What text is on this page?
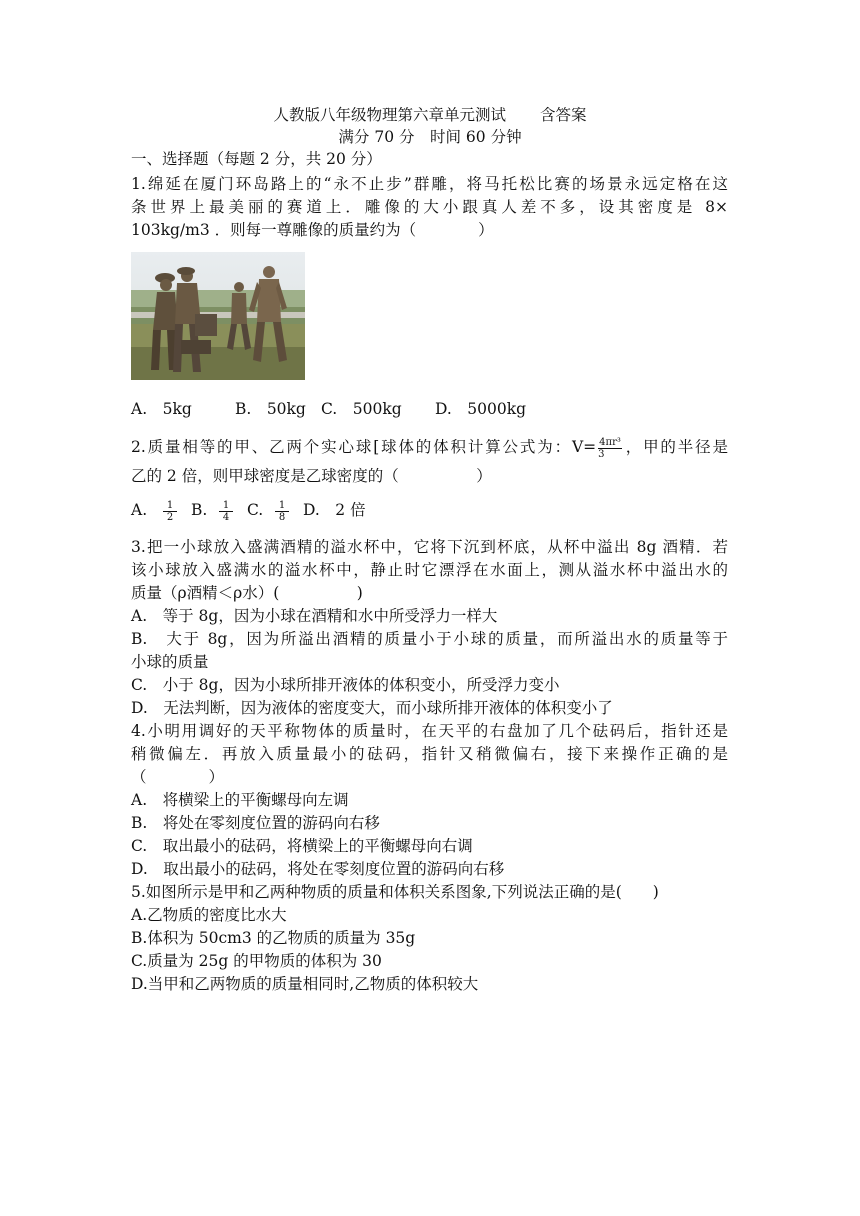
人教版八年级物理第六章单元测试 含答案
满分 70 分　时间 60 分钟
一、选择题（每题 2 分，共 20 分）
1.绵延在厦门环岛路上的“永不止步”群雕，将马托松比赛的场景永远定格在这
条世界上最美丽的赛道上．雕像的大小跟真人差不多，设其密度是 8×
103kg/m3 ．则每一尊雕像的质量约为（　　　　）
A.　5kg	B.　50kg C.　500kg D.　5000kg
2.质量相等的甲、乙两个实心球[球体的体积计算公式为：$V= \frac{\text{4πr³}}{3}$ ，甲的半径是
乙的 2 倍，则甲球密度是乙球密度的（　　　　　）
A. $\frac{1}{2} B$. $\frac{1}{4} C$. $\frac{1}{8} D$.　2 倍
3.把一小球放入盛满酒精的溢水杯中，它将下沉到杯底，从杯中溢出 8g 酒精．若
该小球放入盛满水的溢水杯中，静止时它漂浮在水面上，测从溢水杯中溢出水的
质量（ρ酒精＜ρ水）(　　　　　)
A.　等于 8g，因为小球在酒精和水中所受浮力一样大
B.　大于 8g，因为所溢出酒精的质量小于小球的质量，而所溢出水的质量等于
小球的质量
C.　小于 8g，因为小球所排开液体的体积变小，所受浮力变小
D.　无法判断，因为液体的密度变大，而小球所排开液体的体积变小了
4.小明用调好的天平称物体的质量时，在天平的右盘加了几个砝码后，指针还是
稍微偏左．再放入质量最小的砝码，指针又稍微偏右，接下来操作正确的是
（　　　　）
A.　将横梁上的平衡螺母向左调
B.　将处在零刻度位置的游码向右移
C.　取出最小的砝码，将横梁上的平衡螺母向右调
D.　取出最小的砝码，将处在零刻度位置的游码向右移
5.如图所示是甲和乙两种物质的质量和体积关系图象,下列说法正确的是(　　)
A.乙物质的密度比水大
B.体积为 50cm3 的乙物质的质量为 35g
C.质量为 25g 的甲物质的体积为 30
D.当甲和乙两物质的质量相同时,乙物质的体积较大
